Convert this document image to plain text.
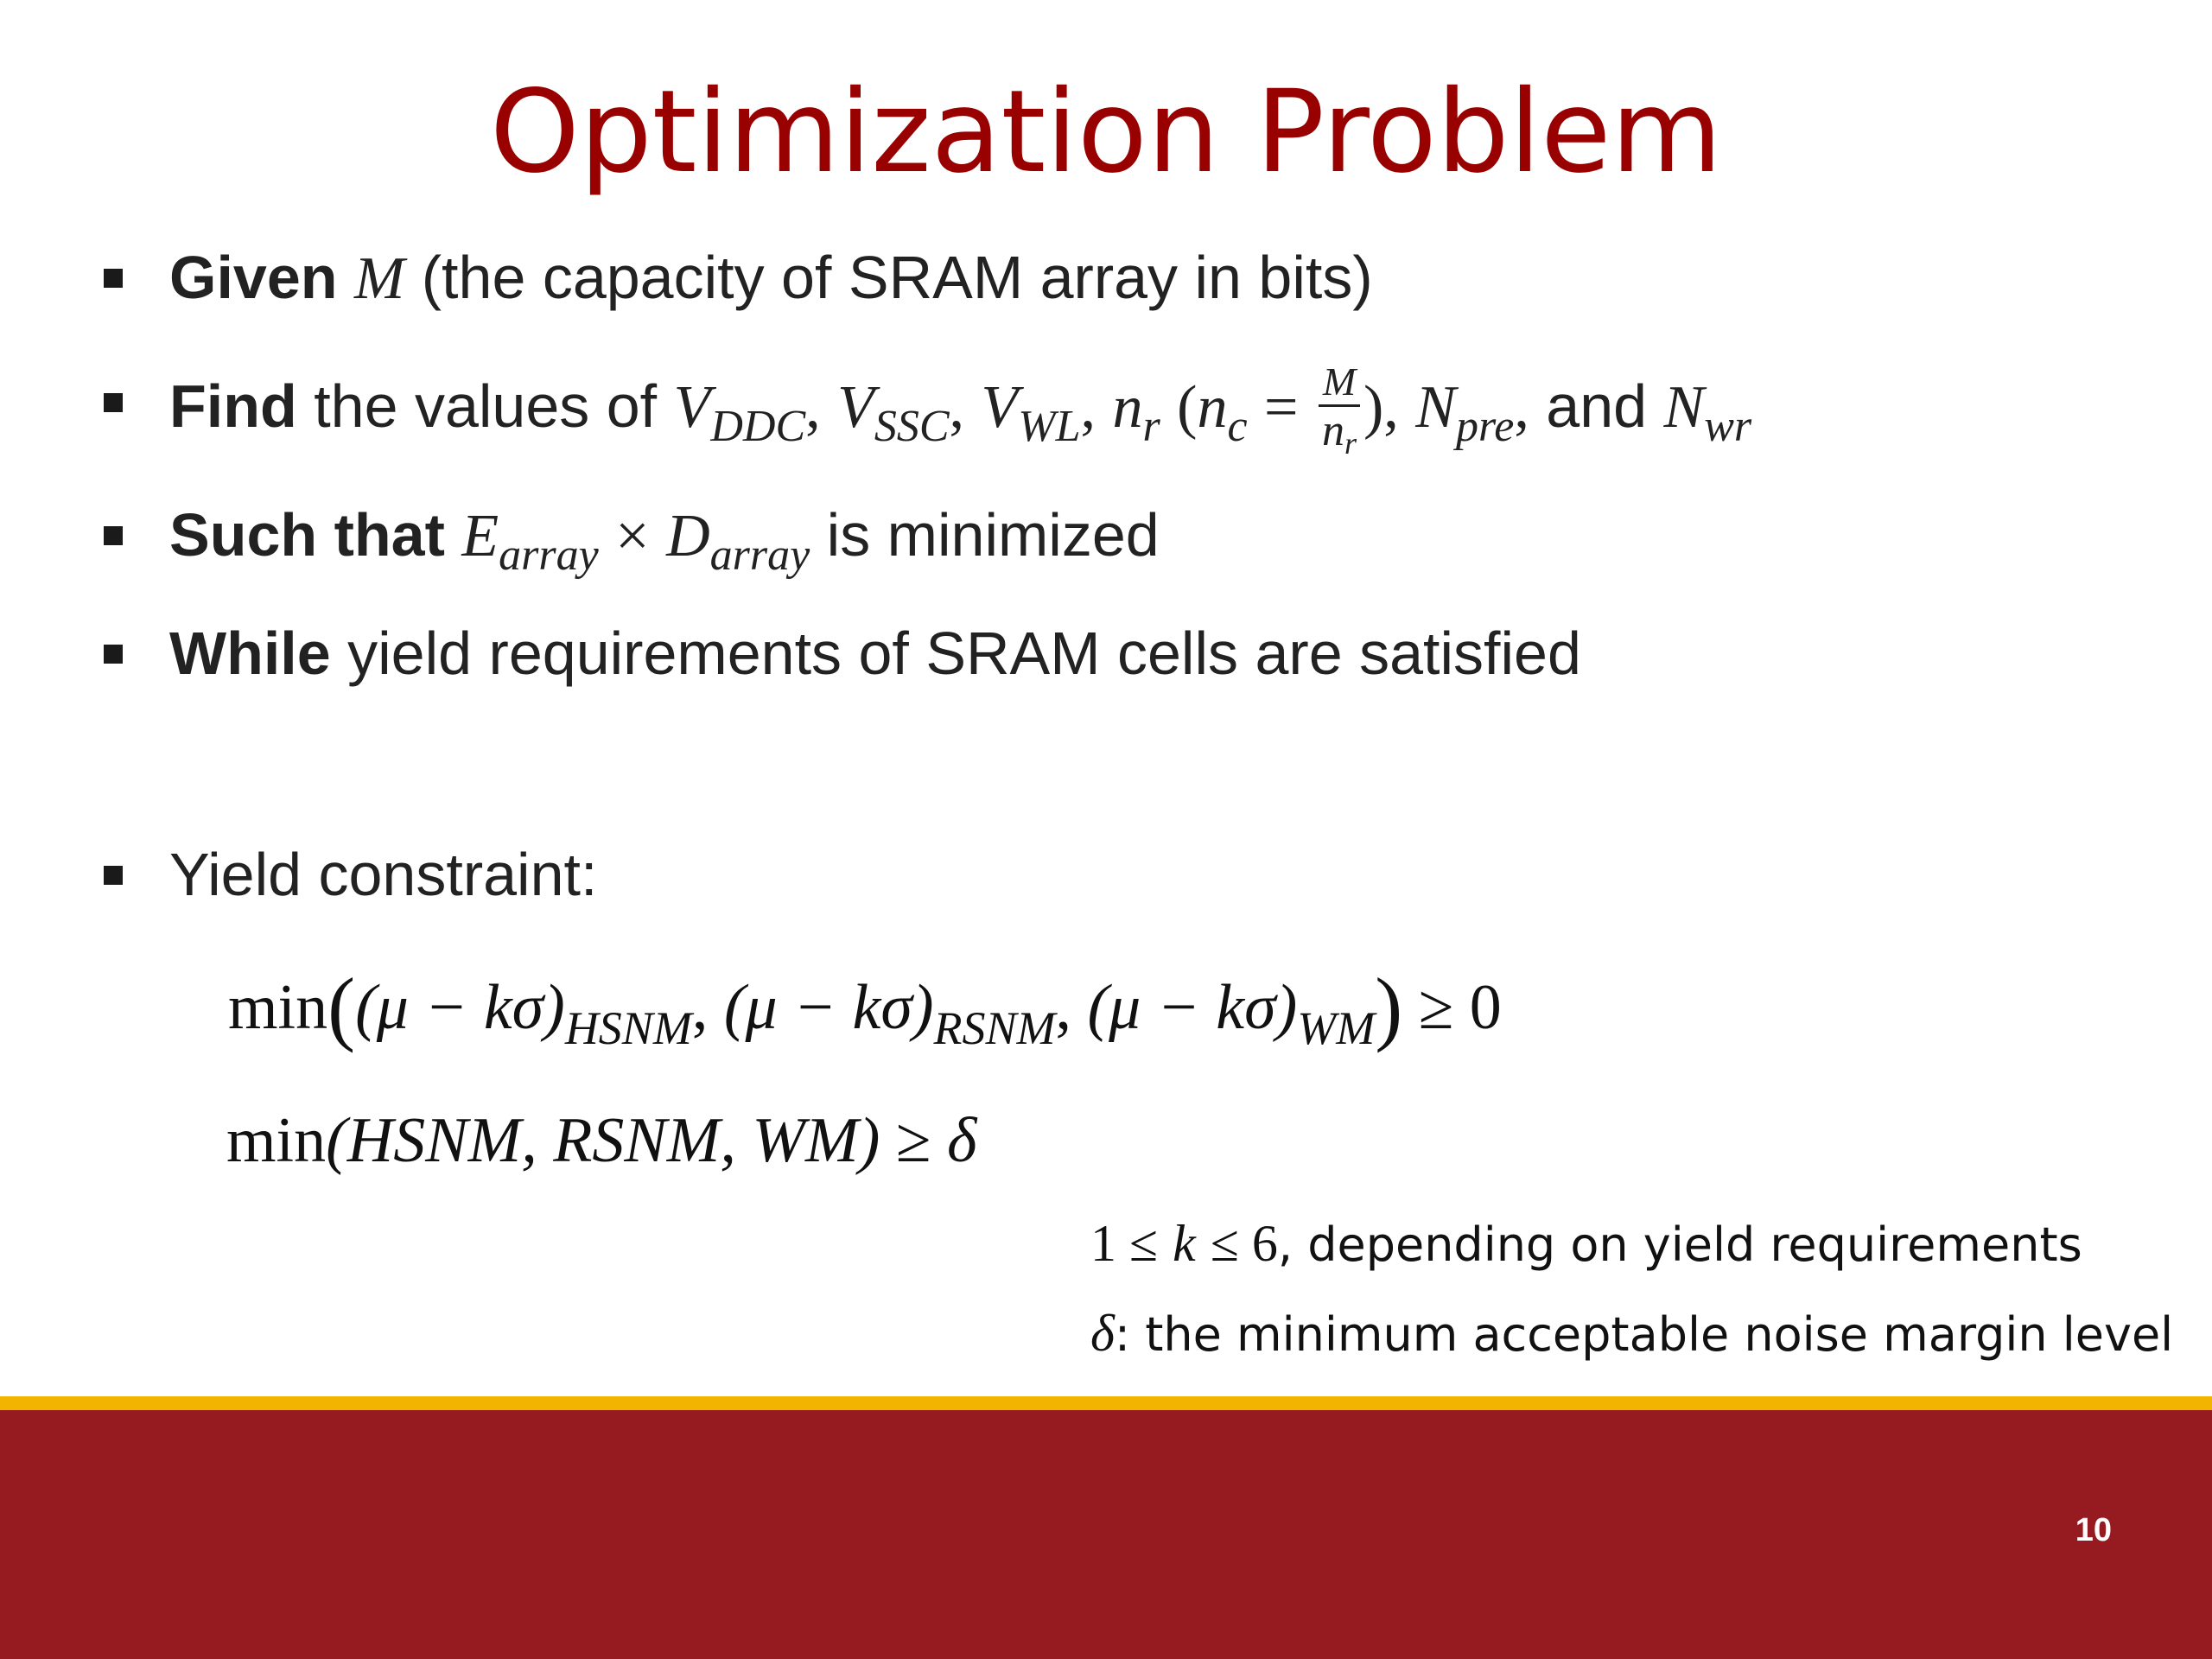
Optimization Problem
Given M (the capacity of SRAM array in bits)
Find the values of $V_{DDC}$, $V_{SSC}$, $V_{WL}$, $n_r$ ($n_c = \frac{M}{n_r}$ ), $N_{pre}$, and $N_{wr}$
Such that $E_{array} \times D_{array}$ is minimized
While yield requirements of SRAM cells are satisfied
Yield constraint:
$\min((\mu - k\sigma)_{HSNM}$, $(\mu - k\sigma)_{RSNM}$, $(\mu - k\sigma)_{WM}) \ge 0$
min(HSNM, RSNM, WM) ≥ δ
1 ≤ k ≤ 6, depending on yield requirements
δ: the minimum acceptable noise margin level
10
